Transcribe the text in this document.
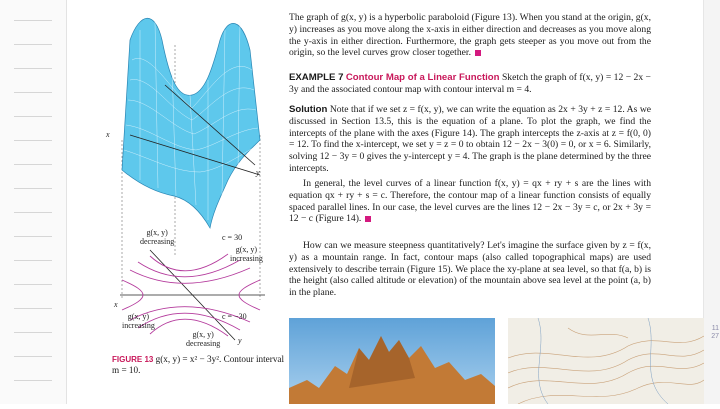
11
27
x
y
x
y
c = 30
c = −30
g(x, y)
decreasing
g(x, y)
increasing
g(x, y)
increasing
g(x, y)
decreasing
FIGURE 13 g(x, y) = x² − 3y². Contour interval m = 10.
The graph of g(x, y) is a hyperbolic paraboloid (Figure 13). When you stand at the origin, g(x, y) increases as you move along the x-axis in either direction and decreases as you move along the y-axis in either direction. Furthermore, the graph gets steeper as you move out from the origin, so the level curves grow closer together.
EXAMPLE 7 Contour Map of a Linear Function Sketch the graph of f(x, y) = 12 − 2x − 3y and the associated contour map with contour interval m = 4.
Solution Note that if we set z = f(x, y), we can write the equation as 2x + 3y + z = 12. As we discussed in Section 13.5, this is the equation of a plane. To plot the graph, we find the intercepts of the plane with the axes (Figure 14). The graph intercepts the z-axis at z = f(0, 0) = 12. To find the x-intercept, we set y = z = 0 to obtain 12 − 2x − 3(0) = 0, or x = 6. Similarly, solving 12 − 3y = 0 gives the y-intercept y = 4. The graph is the plane determined by the three intercepts.
In general, the level curves of a linear function f(x, y) = qx + ry + s are the lines with equation qx + ry + s = c. Therefore, the contour map of a linear function consists of equally spaced parallel lines. In our case, the level curves are the lines 12 − 2x − 3y = c, or 2x + 3y = 12 − c (Figure 14).
How can we measure steepness quantitatively? Let's imagine the surface given by z = f(x, y) as a mountain range. In fact, contour maps (also called topographical maps) are used extensively to describe terrain (Figure 15). We place the xy-plane at sea level, so that f(a, b) is the height (also called altitude or elevation) of the mountain above sea level at the point (a, b) in the plane.
